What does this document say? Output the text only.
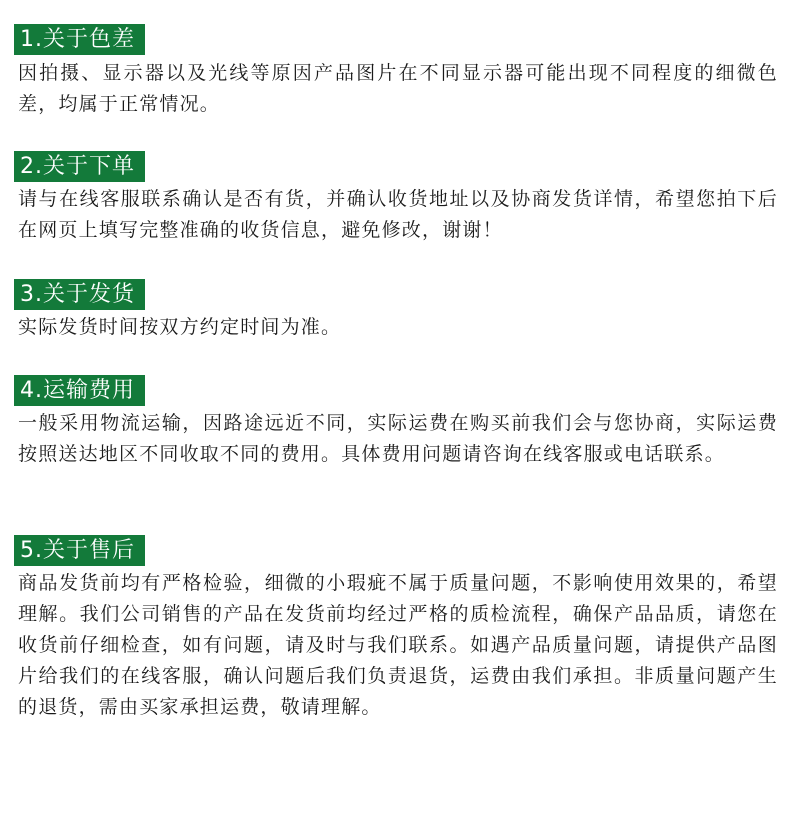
1.关于色差

因拍摄、显示器以及光线等原因产品图片在不同显示器可能出现不同程度的细微色差，均属于正常情况。

2.关于下单

请与在线客服联系确认是否有货，并确认收货地址以及协商发货详情，希望您拍下后在网页上填写完整准确的收货信息，避免修改，谢谢！

3.关于发货

实际发货时间按双方约定时间为准。

4.运输费用

一般采用物流运输，因路途远近不同，实际运费在购买前我们会与您协商，实际运费按照送达地区不同收取不同的费用。具体费用问题请咨询在线客服或电话联系。

5.关于售后

商品发货前均有严格检验，细微的小瑕疵不属于质量问题，不影响使用效果的，希望理解。我们公司销售的产品在发货前均经过严格的质检流程，确保产品品质，请您在收货前仔细检查，如有问题，请及时与我们联系。如遇产品质量问题，请提供产品图片给我们的在线客服，确认问题后我们负责退货，运费由我们承担。非质量问题产生的退货，需由买家承担运费，敬请理解。
